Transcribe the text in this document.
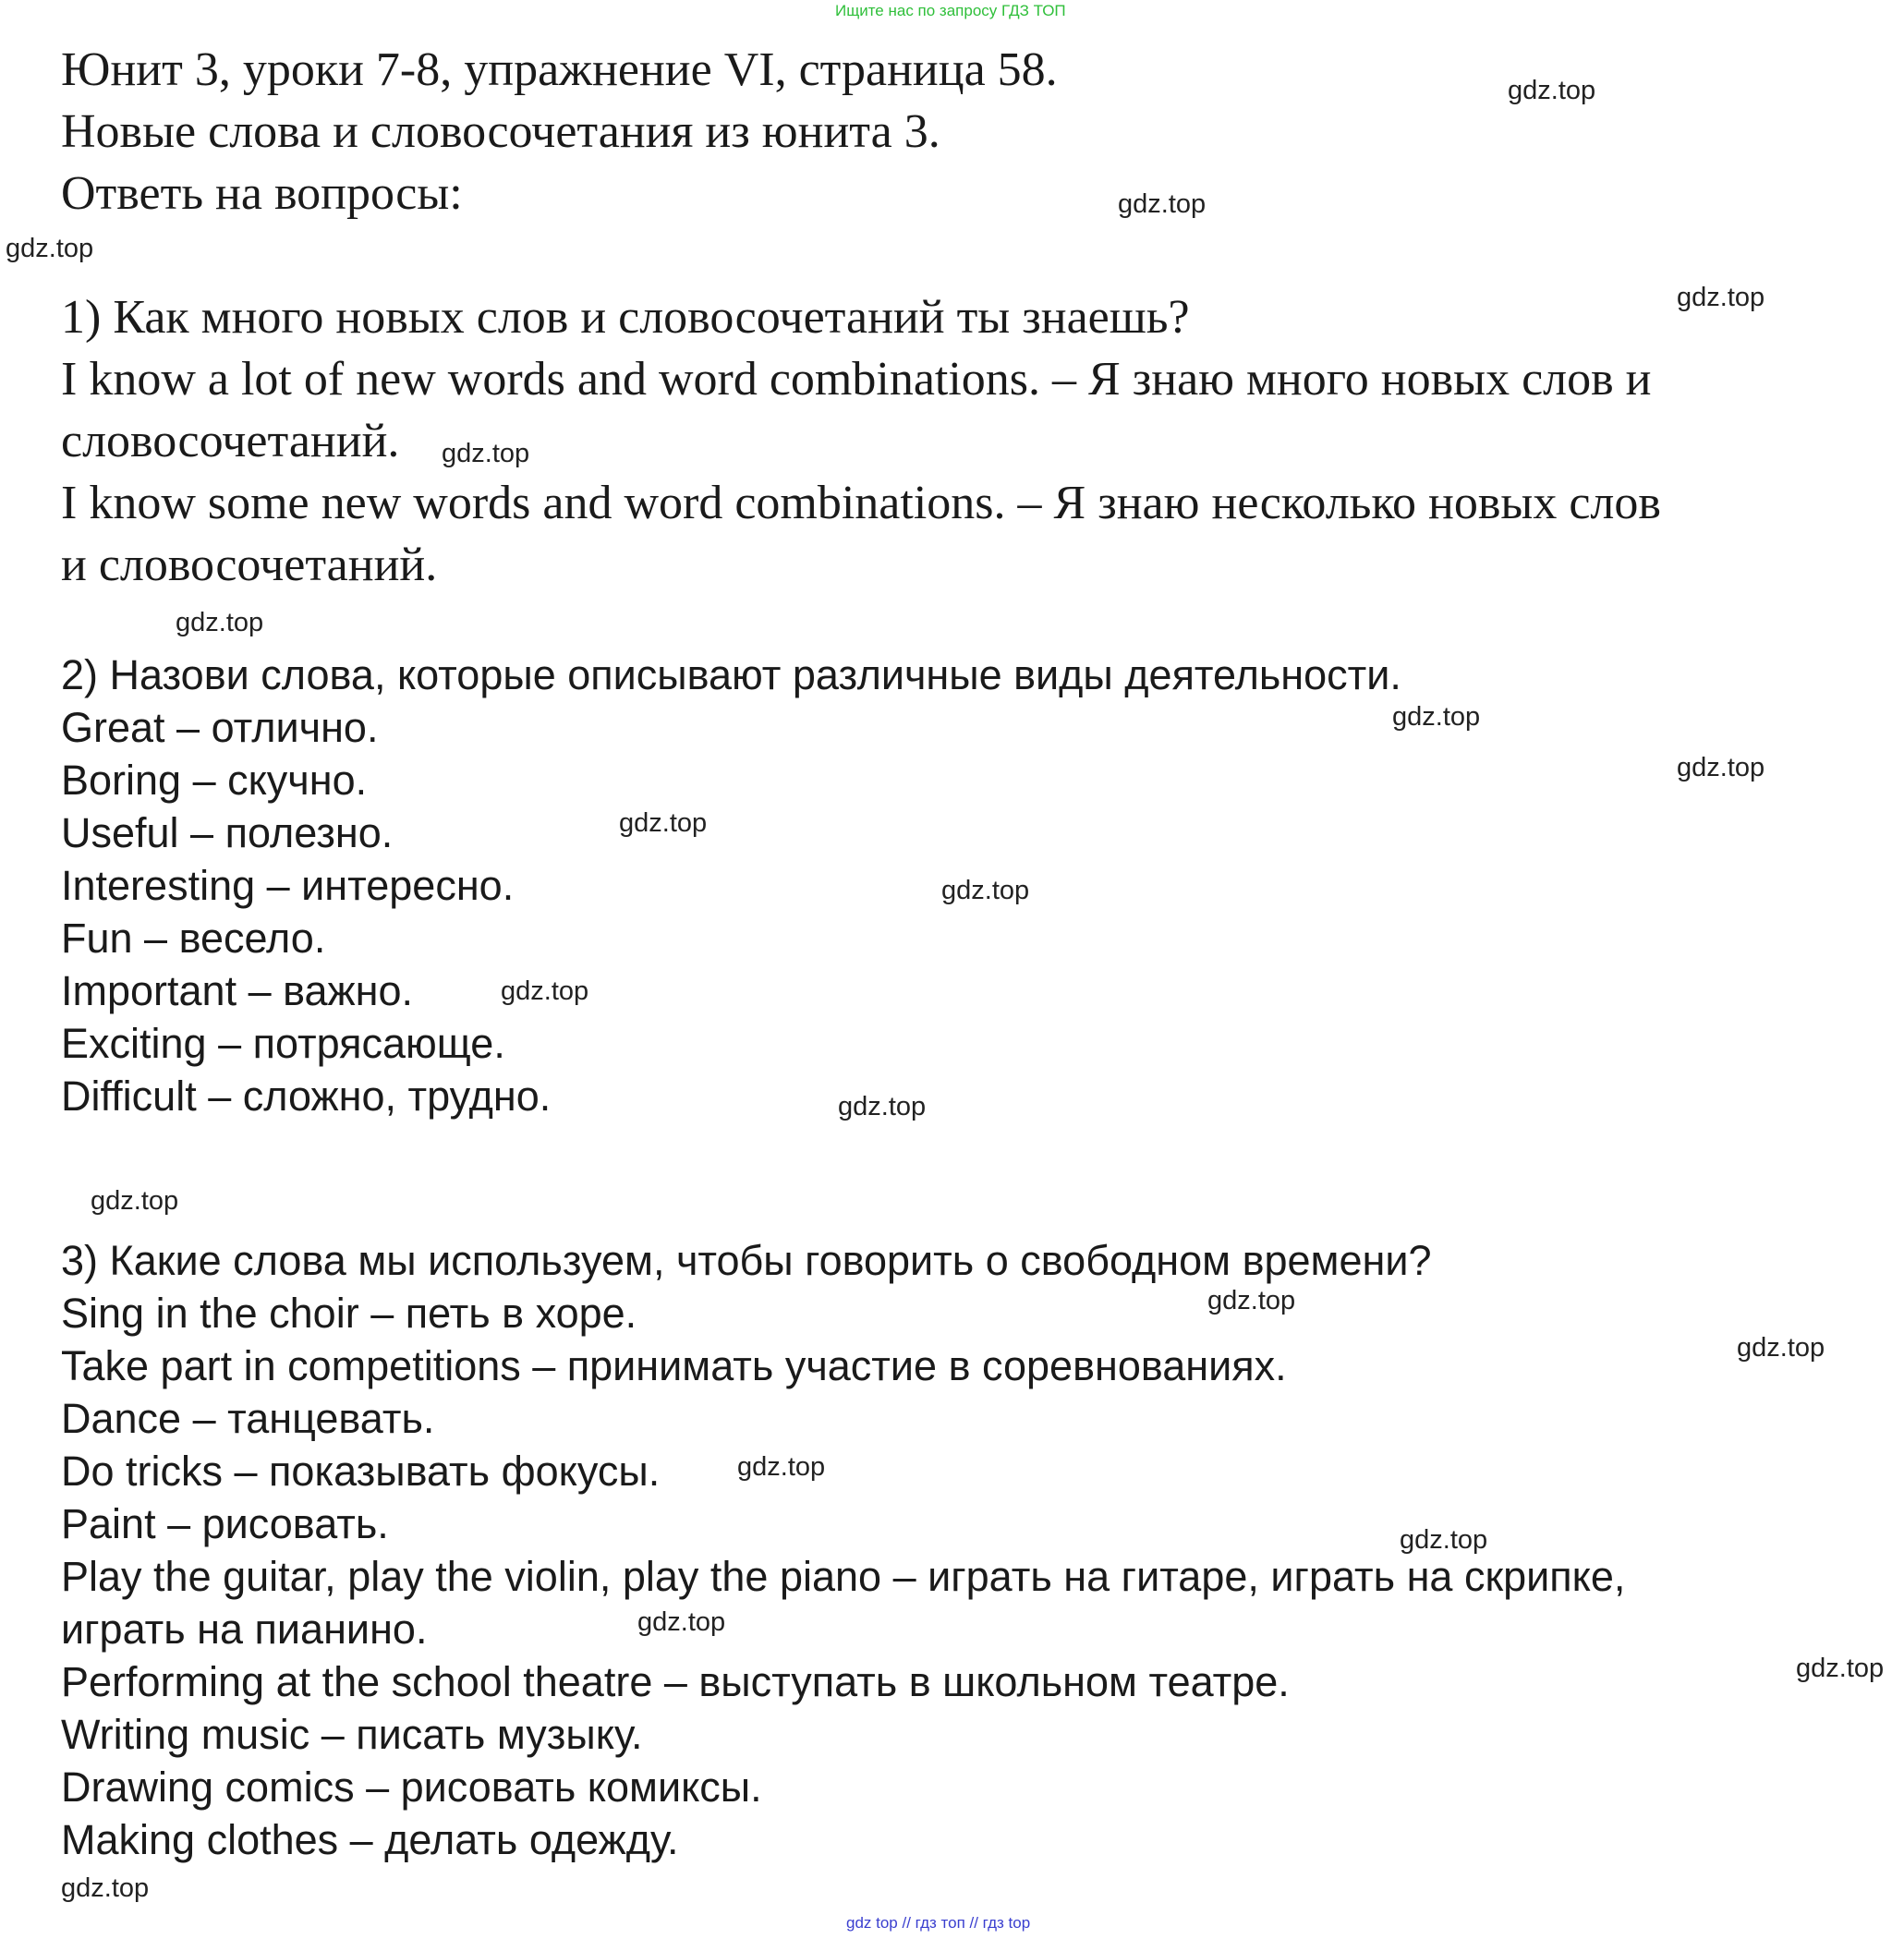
Ищите нас по запросу ГДЗ ТОП
Юнит 3, уроки 7-8, упражнение VI, страница 58.
Новые слова и словосочетания из юнита 3.
Ответь на вопросы:
1) Как много новых слов и словосочетаний ты знаешь?
I know a lot of new words and word combinations. – Я знаю много новых слов и
словосочетаний.
I know some new words and word combinations. – Я знаю несколько новых слов
и словосочетаний.
2) Назови слова, которые описывают различные виды деятельности.
Great – отлично.
Boring – скучно.
Useful – полезно.
Interesting – интересно.
Fun – весело.
Important – важно.
Exciting – потрясающе.
Difficult – сложно, трудно.
3) Какие слова мы используем, чтобы говорить о свободном времени?
Sing in the choir – петь в хоре.
Take part in competitions – принимать участие в соревнованиях.
Dance – танцевать.
Do tricks – показывать фокусы.
Paint – рисовать.
Play the guitar, play the violin, play the piano – играть на гитаре, играть на скрипке,
играть на пианино.
Performing at the school theatre – выступать в школьном театре.
Writing music – писать музыку.
Drawing comics – рисовать комиксы.
Making clothes – делать одежду.
gdz.top
gdz.top
gdz.top
gdz.top
gdz.top
gdz.top
gdz.top
gdz.top
gdz.top
gdz.top
gdz.top
gdz.top
gdz.top
gdz.top
gdz.top
gdz.top
gdz.top
gdz.top
gdz.top
gdz.top
gdz top // гдз топ // гдз top
